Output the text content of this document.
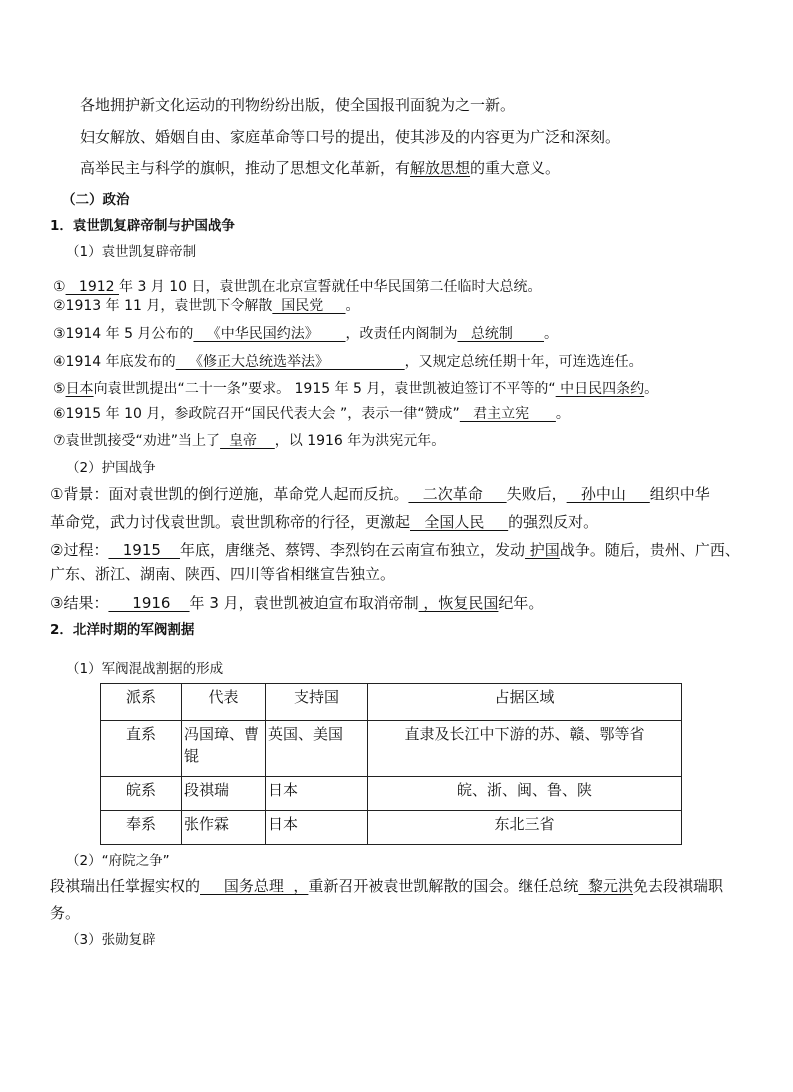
各地拥护新文化运动的刊物纷纷出版，使全国报刊面貌为之一新。
妇女解放、婚姻自由、家庭革命等口号的提出，使其涉及的内容更为广泛和深刻。
高举民主与科学的旗帜，推动了思想文化革新，有解放思想的重大意义。
（二）政治
1．袁世凯复辟帝制与护国战争
（1）袁世凯复辟帝制
①   1912 年 3 月 10 日，袁世凯在北京宣誓就任中华民国第二任临时大总统。
②1913 年 11 月，袁世凯下令解散  国民党     。
③1914 年 5 月公布的   《中华民国约法》      ，改责任内阁制为   总统制       。
④1914 年底发布的   《修正大总统选举法》                 ，又规定总统任期十年，可连选连任。
⑤日本向袁世凯提出“二十一条”要求。 1915 年 5 月，袁世凯被迫签订不平等的“ 中日民四条约。
⑥1915 年 10 月，参政院召开“国民代表大会 ”，表示一律“赞成”   君主立宪      。
⑦袁世凯接受“劝进”当上了  皇帝    ，以 1916 年为洪宪元年。
（2）护国战争
①背景：面对袁世凯的倒行逆施，革命党人起而反抗。   二次革命     失败后，   孙中山     组织中华
革命党，武力讨伐袁世凯。袁世凯称帝的行径，更激起   全国人民     的强烈反对。
②过程：   1915    年底，唐继尧、蔡锷、李烈钧在云南宣布独立，发动 护国战争。随后，贵州、广西、
广东、浙江、湖南、陕西、四川等省相继宣告独立。
③结果：     1916    年 3 月，袁世凯被迫宣布取消帝制 ，恢复民国纪年。
2．北洋时期的军阀割据
（1）军阀混战割据的形成
派系	代表	支持国	占据区域
直系	冯国璋、曹锟	英国、美国	直隶及长江中下游的苏、赣、鄂等省
皖系	段祺瑞	日本	皖、浙、闽、鲁、陕
奉系	张作霖	日本	东北三省
（2）“府院之争”
段祺瑞出任掌握实权的     国务总理  ，重新召开被袁世凯解散的国会。继任总统  黎元洪免去段祺瑞职
务。
（3）张勋复辟
